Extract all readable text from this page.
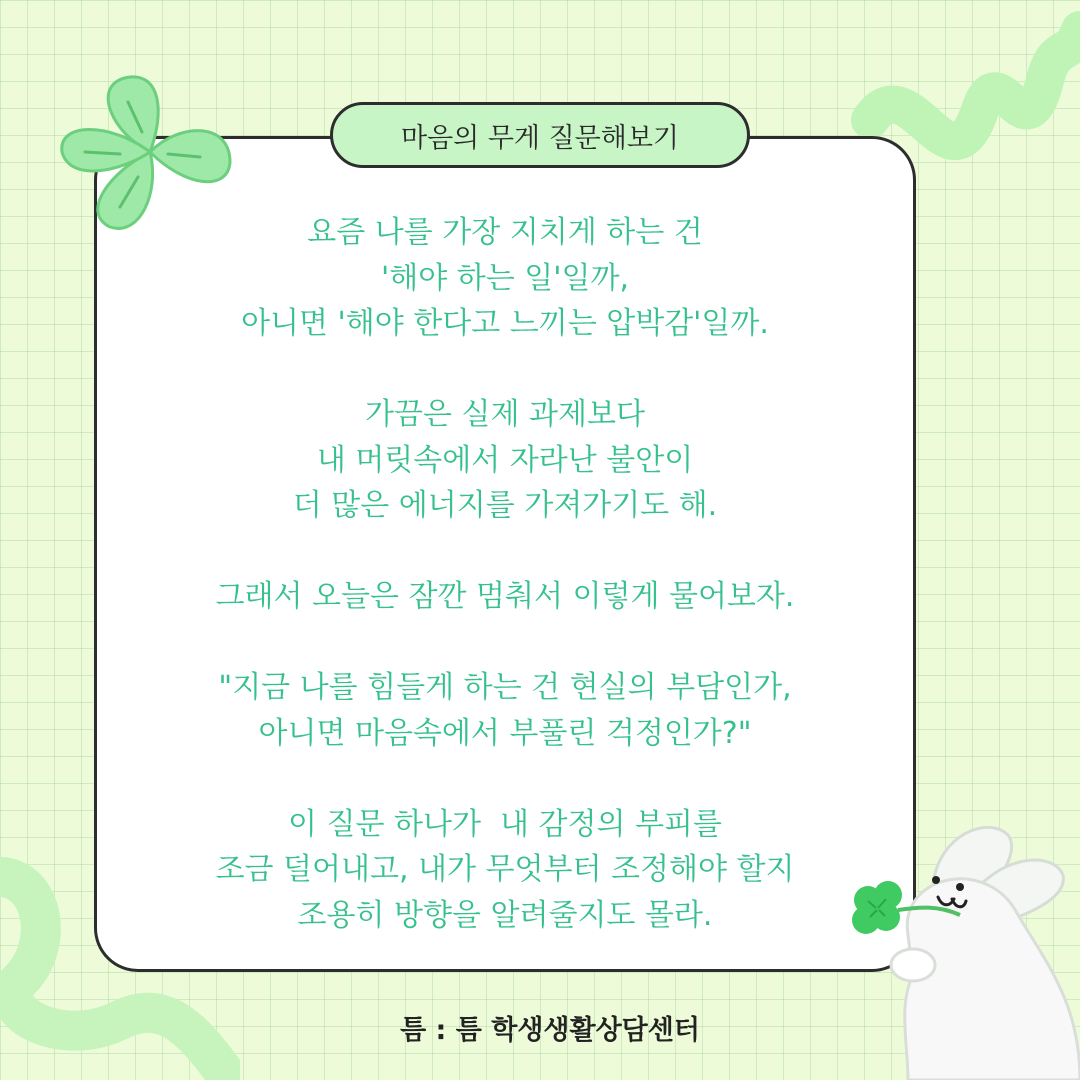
마음의 무게 질문해보기
요즘 나를 가장 지치게 하는 건
'해야 하는 일'일까,
아니면 '해야 한다고 느끼는 압박감'일까.
가끔은 실제 과제보다
내 머릿속에서 자라난 불안이
더 많은 에너지를 가져가기도 해.
그래서 오늘은 잠깐 멈춰서 이렇게 물어보자.
"지금 나를 힘들게 하는 건 현실의 부담인가,
아니면 마음속에서 부풀린 걱정인가?"
이 질문 하나가  내 감정의 부피를
조금 덜어내고, 내가 무엇부터 조정해야 할지
조용히 방향을 알려줄지도 몰라.
틈 : 틈 학생생활상담센터
